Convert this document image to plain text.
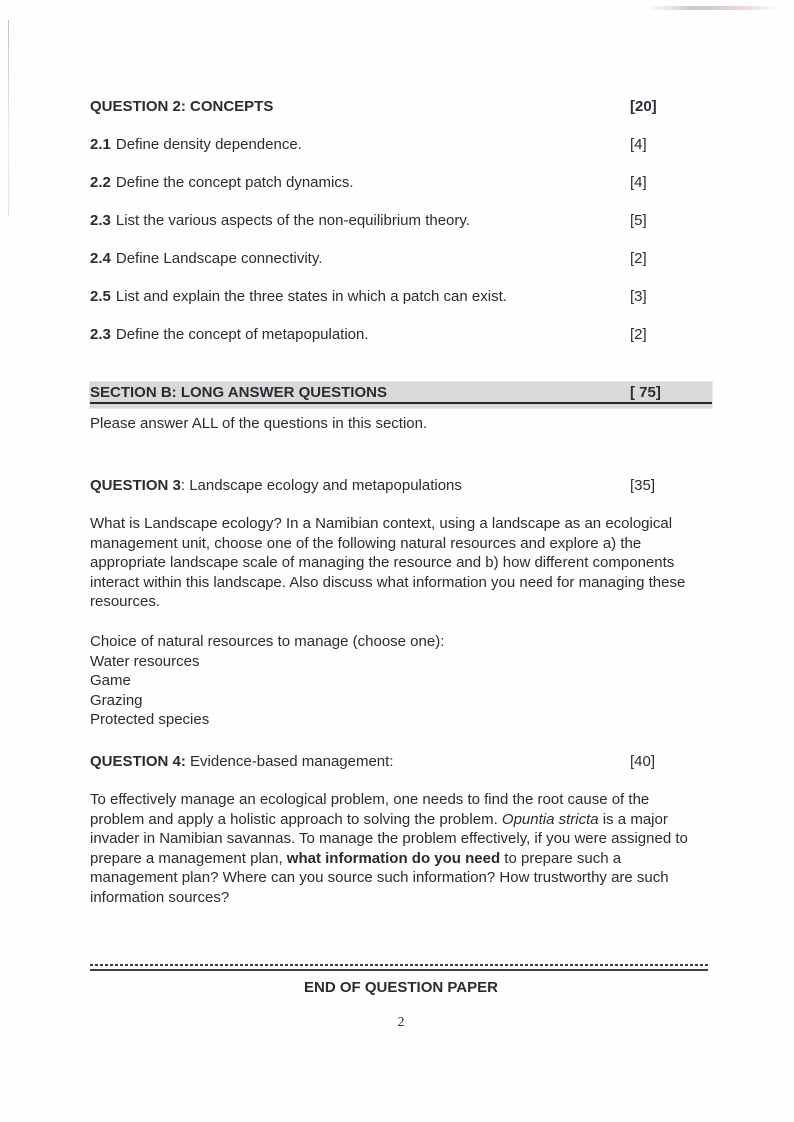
QUESTION 2: CONCEPTS	[20]
2.1 Define density dependence.	[4]
2.2 Define the concept patch dynamics.	[4]
2.3 List the various aspects of the non-equilibrium theory.	[5]
2.4 Define Landscape connectivity.	[2]
2.5 List and explain the three states in which a patch can exist.	[3]
2.3 Define the concept of metapopulation.	[2]
SECTION B: LONG ANSWER QUESTIONS	[ 75]

Please answer ALL of the questions in this section.

QUESTION 3: Landscape ecology and metapopulations	[35]

What is Landscape ecology? In a Namibian context, using a landscape as an ecological management unit, choose one of the following natural resources and explore a) the appropriate landscape scale of managing the resource and b) how different components interact within this landscape. Also discuss what information you need for managing these resources.

Choice of natural resources to manage (choose one):
Water resources
Game
Grazing
Protected species
QUESTION 4: Evidence-based management:	[40]

To effectively manage an ecological problem, one needs to find the root cause of the problem and apply a holistic approach to solving the problem. Opuntia stricta is a major invader in Namibian savannas. To manage the problem effectively, if you were assigned to prepare a management plan, what information do you need to prepare such a management plan? Where can you source such information? How trustworthy are such information sources?

END OF QUESTION PAPER
2
